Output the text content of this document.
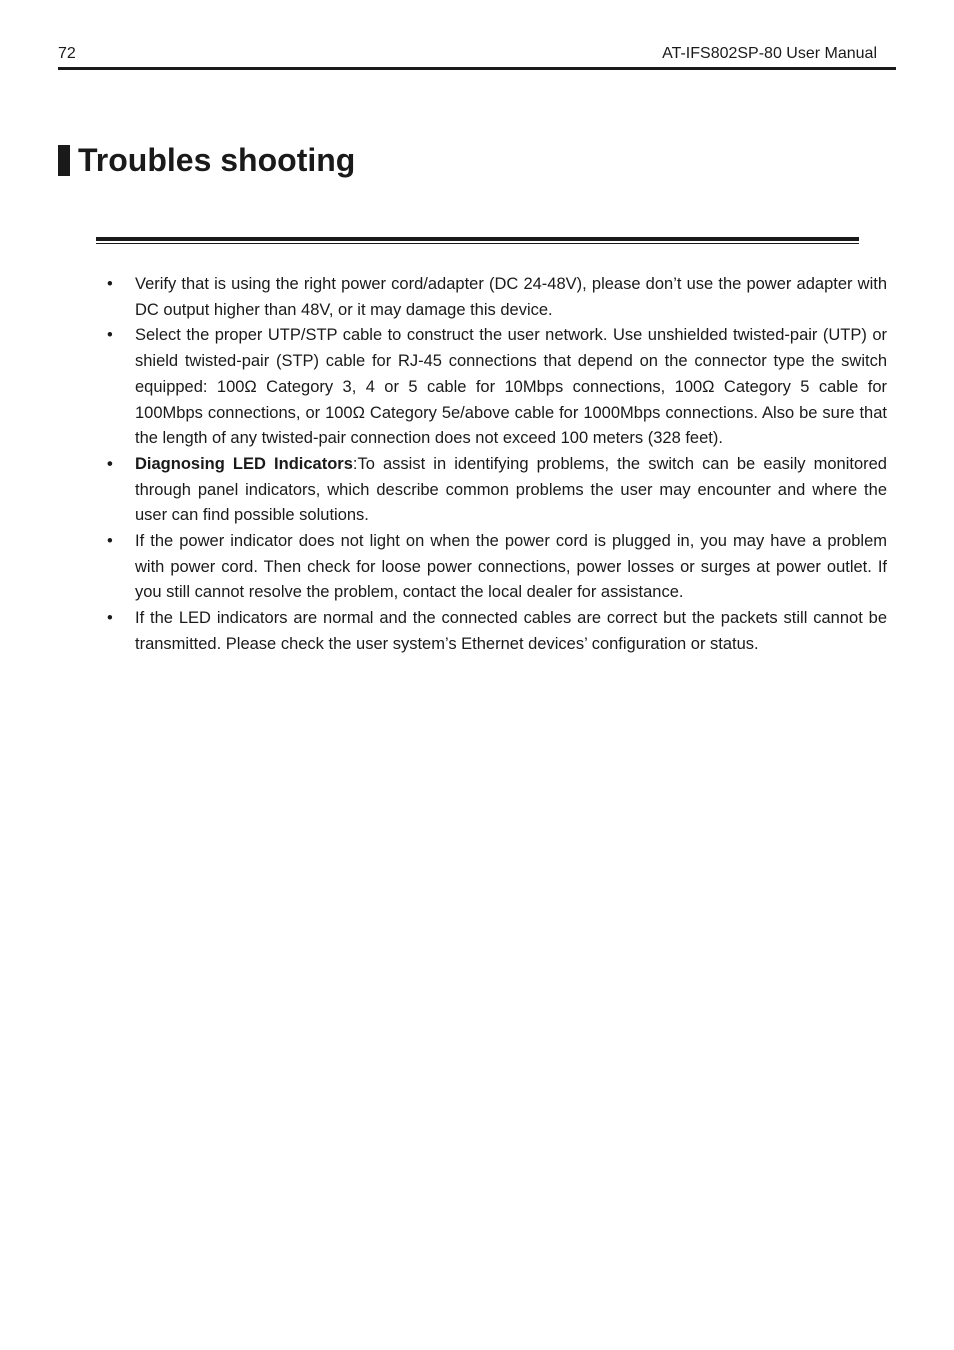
72	AT-IFS802SP-80 User Manual
Troubles shooting
• Verify that is using the right power cord/adapter (DC 24-48V), please don’t use the power adapter with DC output higher than 48V, or it may damage this device.
• Select the proper UTP/STP cable to construct the user network. Use unshielded twisted-pair (UTP) or shield twisted-pair (STP) cable for RJ-45 connections that depend on the connector type the switch equipped: 100Ω Category 3, 4 or 5 cable for 10Mbps connections, 100Ω Category 5 cable for 100Mbps connections, or 100Ω Category 5e/above cable for 1000Mbps connections. Also be sure that the length of any twisted-pair connection does not exceed 100 meters (328 feet).
• Diagnosing LED Indicators:To assist in identifying problems, the switch can be easily monitored through panel indicators, which describe common problems the user may encounter and where the user can find possible solutions.
• If the power indicator does not light on when the power cord is plugged in, you may have a problem with power cord. Then check for loose power connections, power losses or surges at power outlet. If you still cannot resolve the problem, contact the local dealer for assistance.
• If the LED indicators are normal and the connected cables are correct but the packets still cannot be transmitted. Please check the user system’s Ethernet devices’ configuration or status.
